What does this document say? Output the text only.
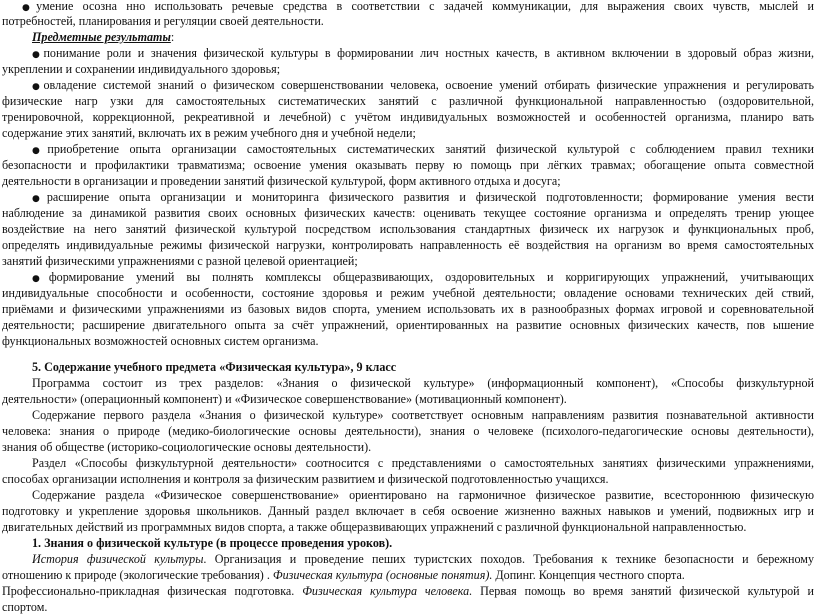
●умение осозна нно использовать речевые средства в соответствии с задачей коммуникации, для выражения своих чувств, мыслей и
потребностей, планирования и регуляции своей деятельности.
Предметные результаты:
●понимание роли и значения физической культуры в формировании лич ностных качеств, в активном включении в здоровый образ жизни,
укреплении и сохранении индивидуального здоровья;
●овладение системой знаний о физическом совершенствовании человека, освоение умений отбирать физические упражнения и регулировать
физические нагр узки для самостоятельных систематических занятий с различной функциональной направленностью (оздоровительной,
тренировочной, коррекционной, рекреативной и лечебной) с учётом индивидуальных возможностей и особенностей организма, планиро вать
содержание этих занятий, включать их в режим учебного дня и учебной недели;
●приобретение опыта организации самостоятельных систематических занятий физической культурой с соблюдением правил техники
безопасности и профилактики травматизма; освоение умения оказывать перву ю помощь при лёгких травмах; обогащение опыта совместной
деятельности в организации и проведении занятий физической культурой, форм активного отдыха и досуга;
●расширение опыта организации и мониторинга физического развития и физической подготовленности; формирование умения вести
наблюдение за динамикой развития своих основных физических качеств: оценивать текущее состояние организма и определять тренир ующее
воздействие на него занятий физической культурой посредством использования стандартных физическ их нагрузок и функциональных проб,
определять индивидуальные режимы физической нагрузки, контролировать направленность её воздействия на организм во время самостоятельных
занятий физическими упражнениями с разной целевой ориентацией;
●формирование умений вы полнять комплексы общеразвивающих, оздоровительных и корригирующих упражнений, учитывающих
индивидуальные способности и особенности, состояние здоровья и режим учебной деятельности; овладение основами технических дей ствий,
приёмами и физическими упражнениями из базовых видов спорта, умением использовать их в разнообразных формах игровой и соревновательной
деятельности; расширение двигательного опыта за счёт упражнений, ориентированных на развитие основных физических качеств, пов ышение
функциональных возможностей основных систем организма.
5. Содержание учебного предмета «Физическая культура», 9 класс
Программа состоит из трех разделов: «Знания о физической культуре» (информационный компонент), «Способы физкультурной
деятельности» (операционный компонент) и «Физическое совершенствование» (мотивационный компонент).
Содержание первого раздела «Знания о физической культуре» соответствует основным направлениям развития познавательной активности
человека: знания о природе (медико-биологические основы деятельности), знания о человеке (психолого-педагогические основы деятельности),
знания об обществе (историко-социологические основы деятельности).
Раздел «Способы физкультурной деятельности» соотносится с представлениями о самостоятельных занятиях физическими упражнениями,
способах организации исполнения и контроля за физическим развитием и физической подготовленностью учащихся.
Содержание раздела «Физическое совершенствование» ориентировано на гармоничное физическое развитие, всестороннюю физическую
подготовку и укрепление здоровья школьников. Данный раздел включает в себя освоение жизненно важных навыков и умений, подвижных игр и
двигательных действий из программных видов спорта, а также общеразвивающих упражнений с различной функциональной направленностью.
1. Знания о физической культуре (в процессе проведения уроков).
История физической культуры. Организация и проведение пеших туристских походов. Требования к технике безопасности и бережному
отношению к природе (экологические требования) . Физическая культура (основные понятия). Допинг. Концепция честного спорта.
Профессионально-прикладная физическая подготовка. Физическая культура человека. Первая помощь во время занятий физической культурой и
спортом.
